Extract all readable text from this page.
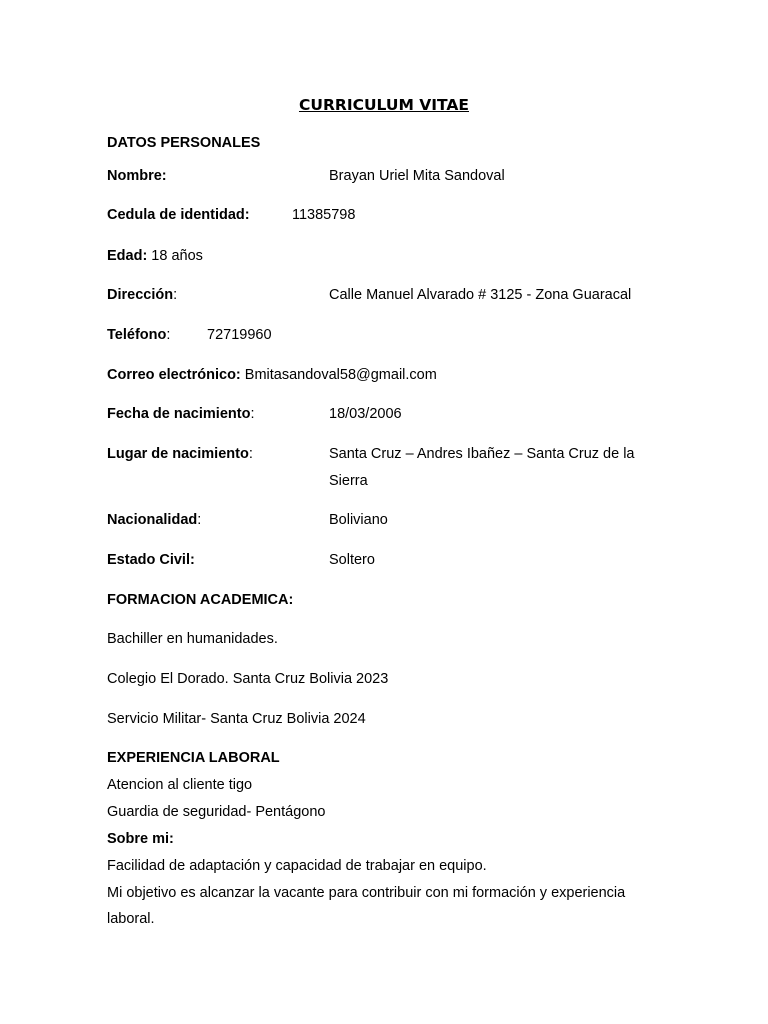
CURRICULUM VITAE
DATOS PERSONALES
Nombre:	Brayan Uriel Mita Sandoval
Cedula de identidad:	11385798
Edad: 18 años
Dirección:	Calle Manuel Alvarado # 3125 - Zona Guaracal
Teléfono:	72719960
Correo electrónico: Bmitasandoval58@gmail.com
Fecha de nacimiento:	18/03/2006
Lugar de nacimiento:	Santa Cruz – Andres Ibañez – Santa Cruz de la
Sierra
Nacionalidad:	Boliviano
Estado Civil:	Soltero
FORMACION ACADEMICA:
Bachiller en humanidades.
Colegio El Dorado. Santa Cruz Bolivia 2023
Servicio Militar- Santa Cruz Bolivia 2024
EXPERIENCIA LABORAL
Atencion al cliente tigo
Guardia de seguridad- Pentágono
Sobre mi:
Facilidad de adaptación y capacidad de trabajar en equipo.
Mi objetivo es alcanzar la vacante para contribuir con mi formación y experiencia
laboral.
